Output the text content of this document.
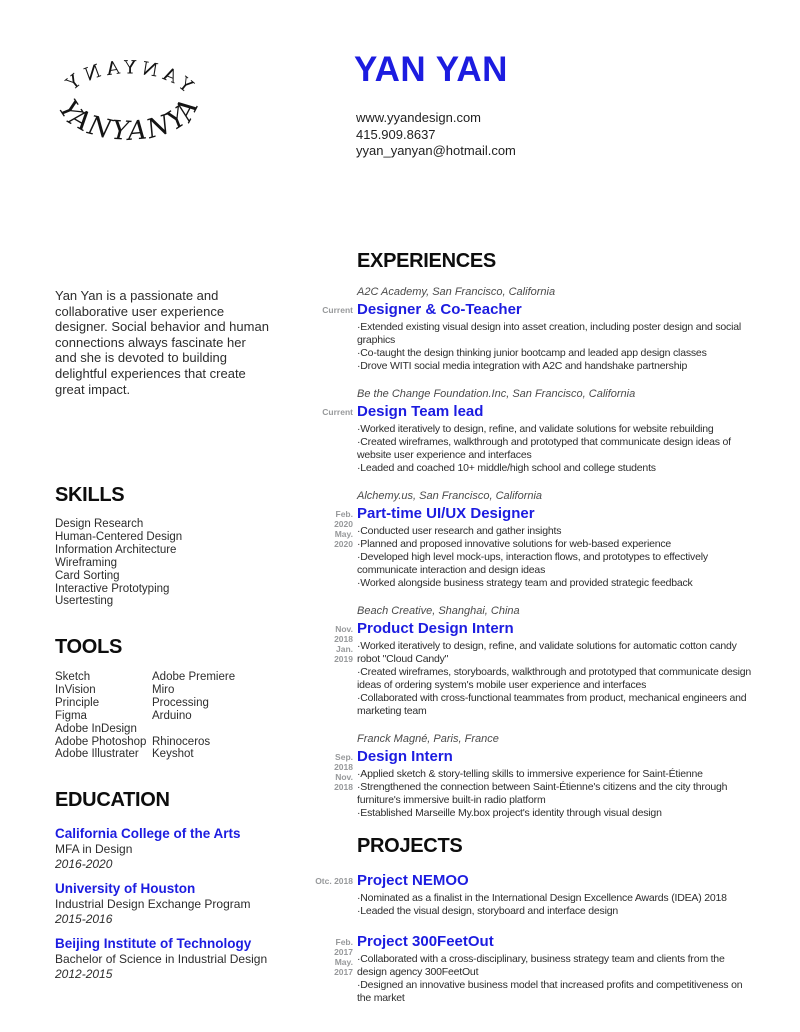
YANYANYA
YANYANY	YAN YAN
www.yyandesign.com
415.909.8637
yyan_yanyan@hotmail.com
Yan Yan is a passionate and collaborative user experience designer. Social behavior and human connections always fascinate her and she is devoted to building delightful experiences that create great impact.
SKILLS
Design Research
Human-Centered Design
Information Architecture
Wireframing
Card Sorting
Interactive Prototyping
Usertesting
TOOLS
Sketch
InVision
Principle
Figma
Adobe InDesign
Adobe Photoshop
Adobe Illustrater
Adobe Premiere
Miro
Processing
Arduino
Rhinoceros
Keyshot
EDUCATION
California College of the Arts
MFA in Design
2016-2020
University of Houston
Industrial Design Exchange Program
2015-2016
Beijing Institute of Technology
Bachelor of Science in Industrial Design
2012-2015
EXPERIENCES
A2C Academy, San Francisco, California
Current Designer & Co-Teacher
· Extended existing visual design into asset creation, including poster design and social graphics
· Co-taught the design thinking junior bootcamp and leaded app design classes
· Drove WITI social media integration with A2C and handshake partnership
Be the Change Foundation.Inc, San Francisco, California
Current Design Team lead
· Worked iteratively to design, refine, and validate solutions for website rebuilding
· Created wireframes, walkthrough and prototyped that communicate design ideas of website user experience and interfaces
· Leaded and coached 10+ middle/high school and college students
Alchemy.us, San Francisco, California
Feb. 2020
May. 2020
Part-time UI/UX Designer
· Conducted user research and gather insights
· Planned and proposed innovative solutions for web-based experience
· Developed high level mock-ups, interaction flows, and prototypes to effectively communicate interaction and design ideas
· Worked alongside business strategy team and provided strategic feedback
Beach Creative, Shanghai, China
Nov. 2018
Jan. 2019
Product Design Intern
· Worked iteratively to design, refine, and validate solutions for automatic cotton candy robot "Cloud Candy"
· Created wireframes, storyboards, walkthrough and prototyped that communicate design ideas of ordering system's mobile user experience and interfaces
· Collaborated with cross-functional teammates from product, mechanical engineers and marketing team
Franck Magné, Paris, France
Sep. 2018
Nov. 2018
Design Intern
· Applied sketch & story-telling skills to immersive experience for Saint-Étienne
· Strengthened the connection between Saint-Étienne's citizens and the city through furniture's immersive built-in radio platform
· Established Marseille My.box project's identity through visual design
PROJECTS
Otc. 2018 Project NEMOO
· Nominated as a finalist in the International Design Excellence Awards (IDEA) 2018
· Leaded the visual design, storyboard and interface design
Feb. 2017
May. 2017
Project 300FeetOut
· Collaborated with a cross-disciplinary, business strategy team and clients from the design agency 300FeetOut
· Designed an innovative business model that increased profits and competitiveness on the market
